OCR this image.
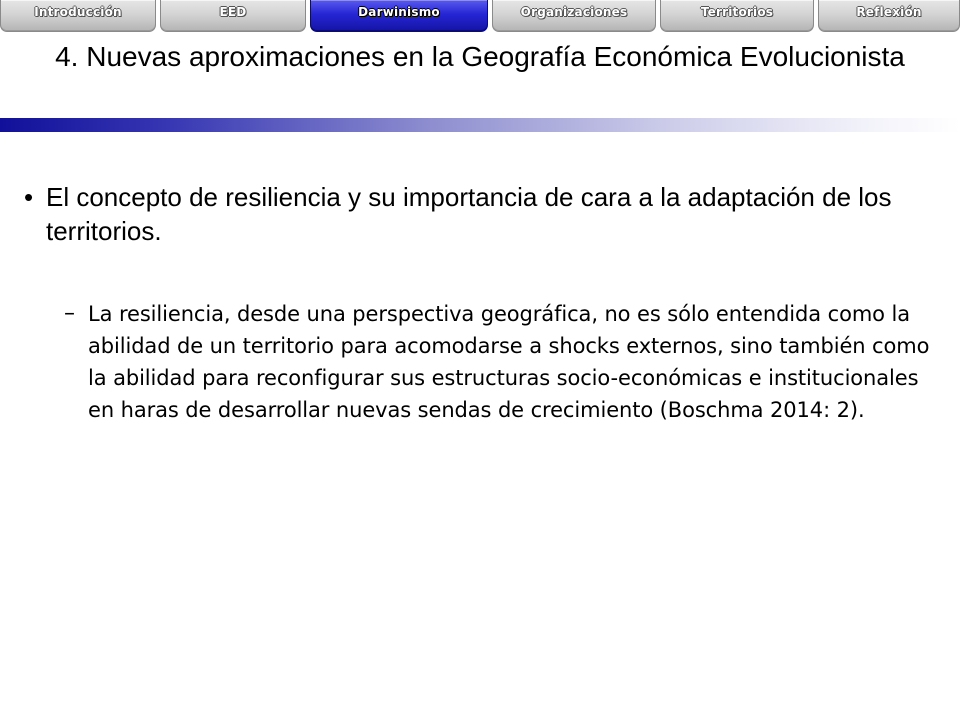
Introducción	EED	Darwinismo	Organizaciones	Territorios	Reflexión
4. Nuevas aproximaciones en la Geografía Económica Evolucionista
• El concepto de resiliencia y su importancia de cara a la adaptación de los territorios.
– La resiliencia, desde una perspectiva geográfica, no es sólo entendida como la abilidad de un territorio para acomodarse a shocks externos, sino también como la abilidad para reconfigurar sus estructuras socio-económicas e institucionales en haras de desarrollar nuevas sendas de crecimiento (Boschma 2014: 2).
